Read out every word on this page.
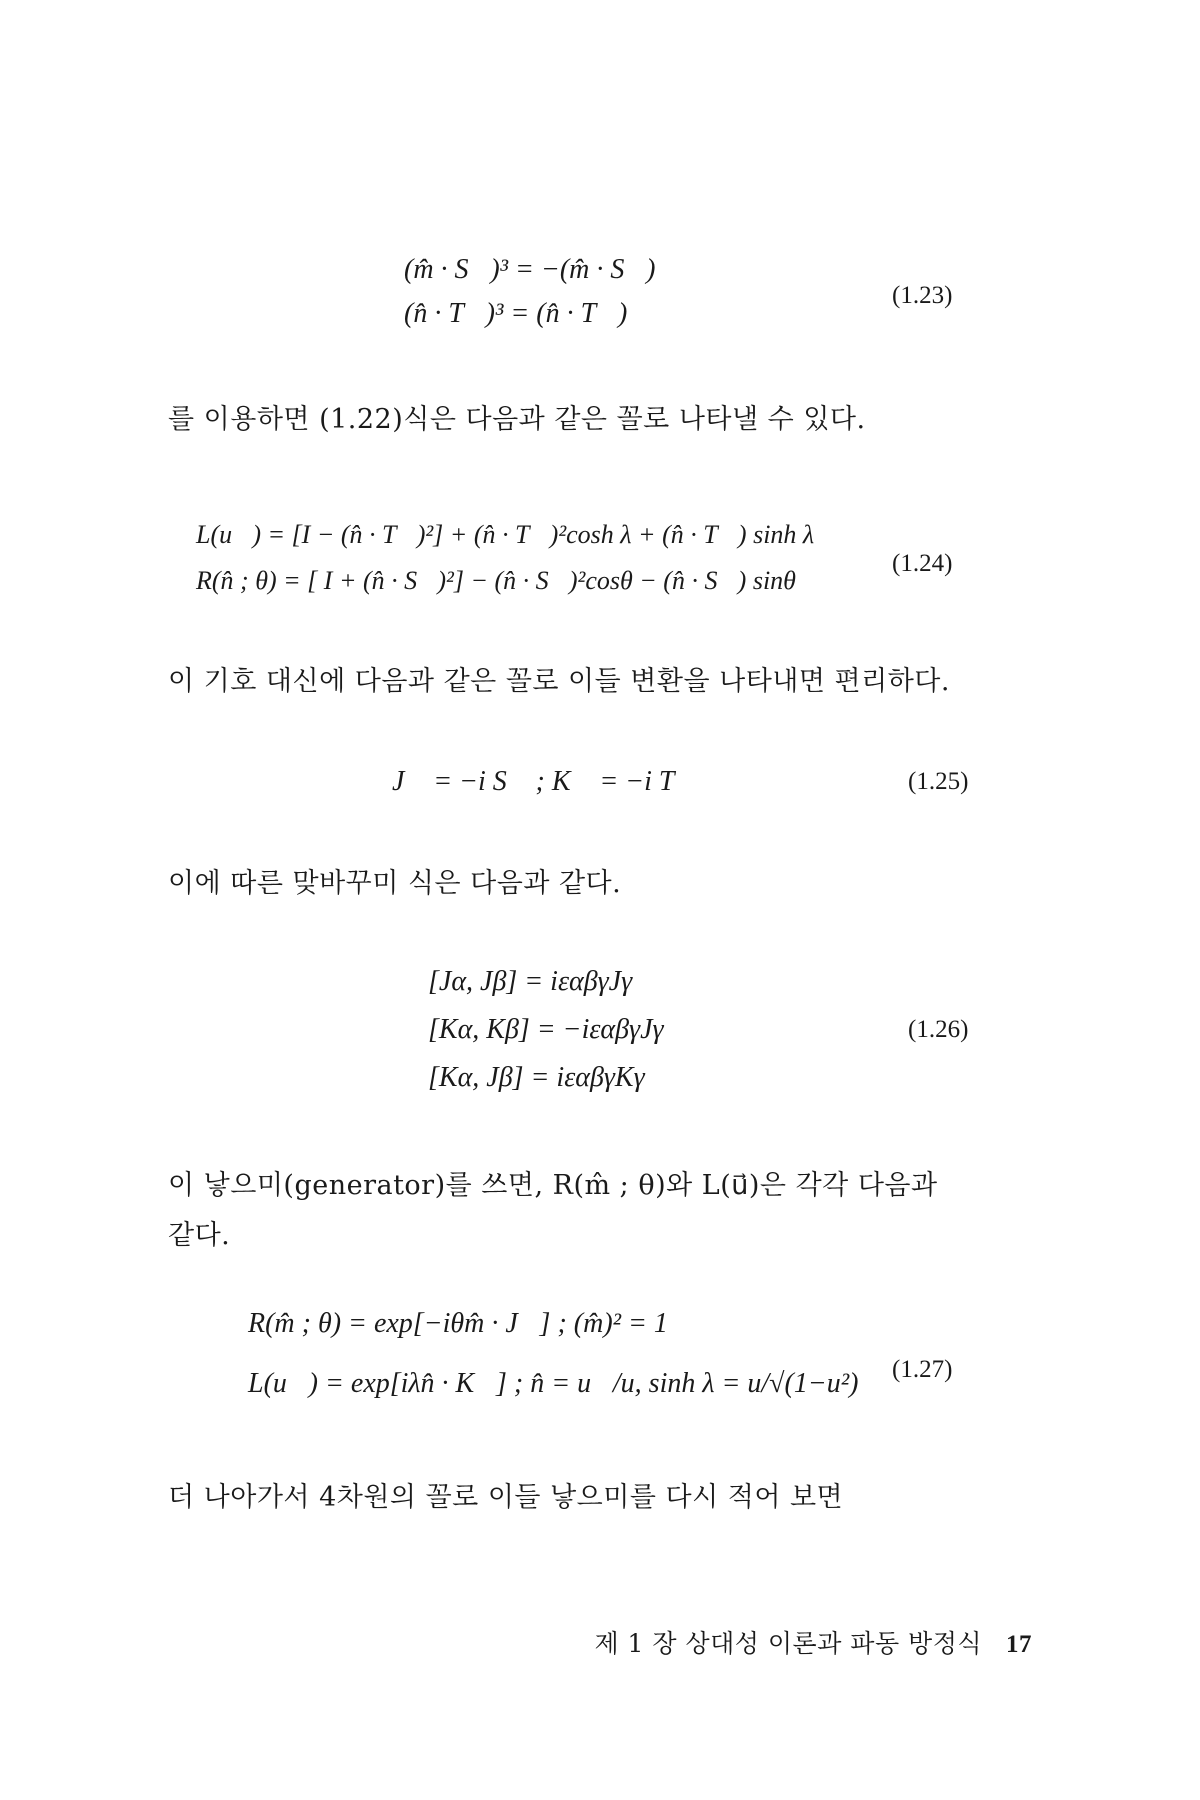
(m̂ · S⃗)³ = −(m̂ · S⃗)
(n̂ · T⃗)³ = (n̂ · T⃗)
(1.23)
를 이용하면 (1.22)식은 다음과 같은 꼴로 나타낼 수 있다.
L(u⃗) = [I − (n̂ · T⃗)²] + (n̂ · T⃗)²cosh λ + (n̂ · T⃗) sinh λ
R(n̂ ; θ) = [ I + (n̂ · S⃗)²] − (n̂ · S⃗)²cosθ − (n̂ · S⃗) sinθ
(1.24)
이 기호 대신에 다음과 같은 꼴로 이들 변환을 나타내면 편리하다.
J⃗ = −i S⃗ ; K⃗ = −i T⃗	(1.25)
이에 따른 맞바꾸미 식은 다음과 같다.
[Jα, Jβ] = iεαβγJγ
[Kα, Kβ] = −iεαβγJγ
[Kα, Jβ] = iεαβγKγ
(1.26)
이 낳으미(generator)를 쓰면, R(m̂ ; θ)와 L(u⃗)은 각각 다음과
같다.
R(m̂ ; θ) = exp[−iθm̂ · J⃗] ; (m̂)² = 1
L(u⃗) = exp[iλn̂ · K⃗] ; n̂ = u⃗/u, sinh λ = u/√(1−u²) (1.27)
더 나아가서 4차원의 꼴로 이들 낳으미를 다시 적어 보면
제 1 장 상대성 이론과 파동 방정식 17
